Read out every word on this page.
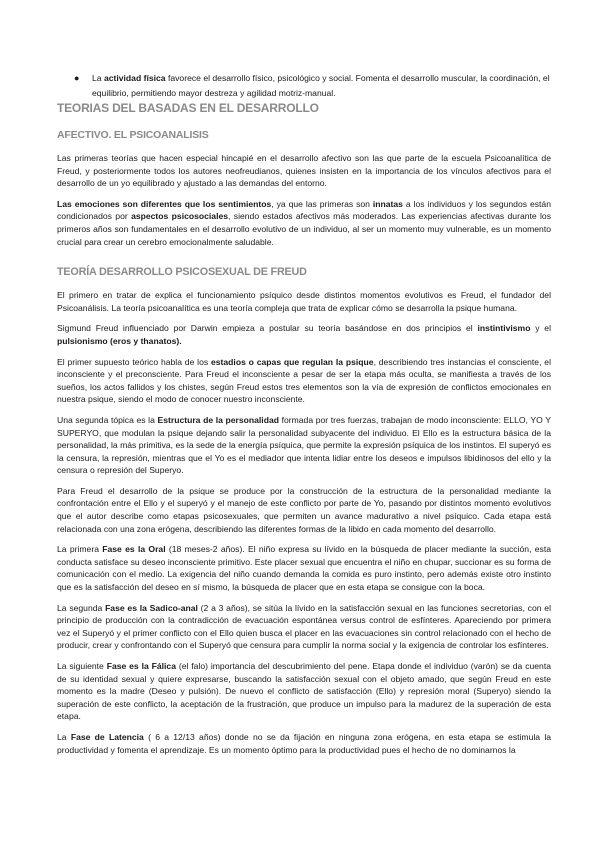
● La actividad física favorece el desarrollo físico, psicológico y social. Fomenta el desarrollo muscular, la coordinación, el equilibrio, permitiendo mayor destreza y agilidad motriz-manual.
TEORIAS DEL BASADAS EN EL DESARROLLO
AFECTIVO. EL PSICOANALISIS

Las primeras teorías que hacen especial hincapié en el desarrollo afectivo son las que parte de la escuela Psicoanalítica de Freud, y posteriormente todos los autores neofreudianos, quienes insisten en la importancia de los vínculos afectivos para el desarrollo de un yo equilibrado y ajustado a las demandas del entorno.

Las emociones son diferentes que los sentimientos, ya que las primeras son innatas a los individuos y los segundos están condicionados por aspectos psicosociales, siendo estados afectivos más moderados. Las experiencias afectivas durante los primeros años son fundamentales en el desarrollo evolutivo de un individuo, al ser un momento muy vulnerable, es un momento crucial para crear un cerebro emocionalmente saludable.

TEORÍA DESARROLLO PSICOSEXUAL DE FREUD

El primero en tratar de explica el funcionamiento psíquico desde distintos momentos evolutivos es Freud, el fundador del Psicoanálisis. La teoría psicoanalítica es una teoría compleja que trata de explicar cómo se desarrolla la psique humana.

Sigmund Freud influenciado por Darwin empieza a postular su teoría basándose en dos principios el instintivismo y el pulsionismo (eros y thanatos).

El primer supuesto teórico habla de los estadios o capas que regulan la psique, describiendo tres instancias el consciente, el inconsciente y el preconsciente. Para Freud el inconsciente a pesar de ser la etapa más oculta, se manifiesta a través de los sueños, los actos fallidos y los chistes, según Freud estos tres elementos son la vía de expresión de conflictos emocionales en nuestra psique, siendo el modo de conocer nuestro inconsciente.

Una segunda tópica es la Estructura de la personalidad formada por tres fuerzas, trabajan de modo inconsciente: ELLO, YO Y SUPERYO, que modulan la psique dejando salir la personalidad subyacente del individuo. El Ello es la estructura básica de la personalidad, la más primitiva, es la sede de la energía psíquica, que permite la expresión psíquica de los instintos. El superyó es la censura, la represión, mientras que el Yo es el mediador que intenta lidiar entre los deseos e impulsos libidinosos del ello y la censura o represión del Superyo.

Para Freud el desarrollo de la psique se produce por la construcción de la estructura de la personalidad mediante la confrontación entre el Ello y el superyó y el manejo de este conflicto por parte de Yo, pasando por distintos momento evolutivos que el autor describe como etapas psicosexuales, que permiten un avance madurativo a nivel psíquico. Cada etapa está relacionada con una zona erógena, describiendo las diferentes formas de la libido en cada momento del desarrollo.

La primera Fase es la Oral (18 meses-2 años). El niño expresa su lívido en la búsqueda de placer mediante la succión, esta conducta satisface su deseo inconsciente primitivo. Este placer sexual que encuentra el niño en chupar, succionar es su forma de comunicación con el medio. La exigencia del niño cuando demanda la comida es puro instinto, pero además existe otro instinto que es la satisfacción del deseo en sí mismo, la búsqueda de placer que en esta etapa se consigue con la boca.

La segunda Fase es la Sadico-anal (2 a 3 años), se sitúa la lívido en la satisfacción sexual en las funciones secretorias, con el principio de producción con la contradicción de evacuación espontánea versus control de esfínteres. Apareciendo por primera vez el Superyó y el primer conflicto con el Ello quien busca el placer en las evacuaciones sin control relacionado con el hecho de producir, crear y confrontando con el Superyó que censura para cumplir la norma social y la exigencia de controlar los esfínteres.

La siguiente Fase es la Fálica (el falo) importancia del descubrimiento del pene. Etapa donde el individuo (varón) se da cuenta de su identidad sexual y quiere expresarse, buscando la satisfacción sexual con el objeto amado, que según Freud en este momento es la madre (Deseo y pulsión). De nuevo el conflicto de satisfacción (Ello) y represión moral (Superyo) siendo la superación de este conflicto, la aceptación de la frustración, que produce un impulso para la madurez de la superación de esta etapa.

La Fase de Latencia ( 6 a 12/13 años) donde no se da fijación en ninguna zona erógena, en esta etapa se estimula la productividad y fomenta el aprendizaje. Es un momento óptimo para la productividad pues el hecho de no dominarnos la
